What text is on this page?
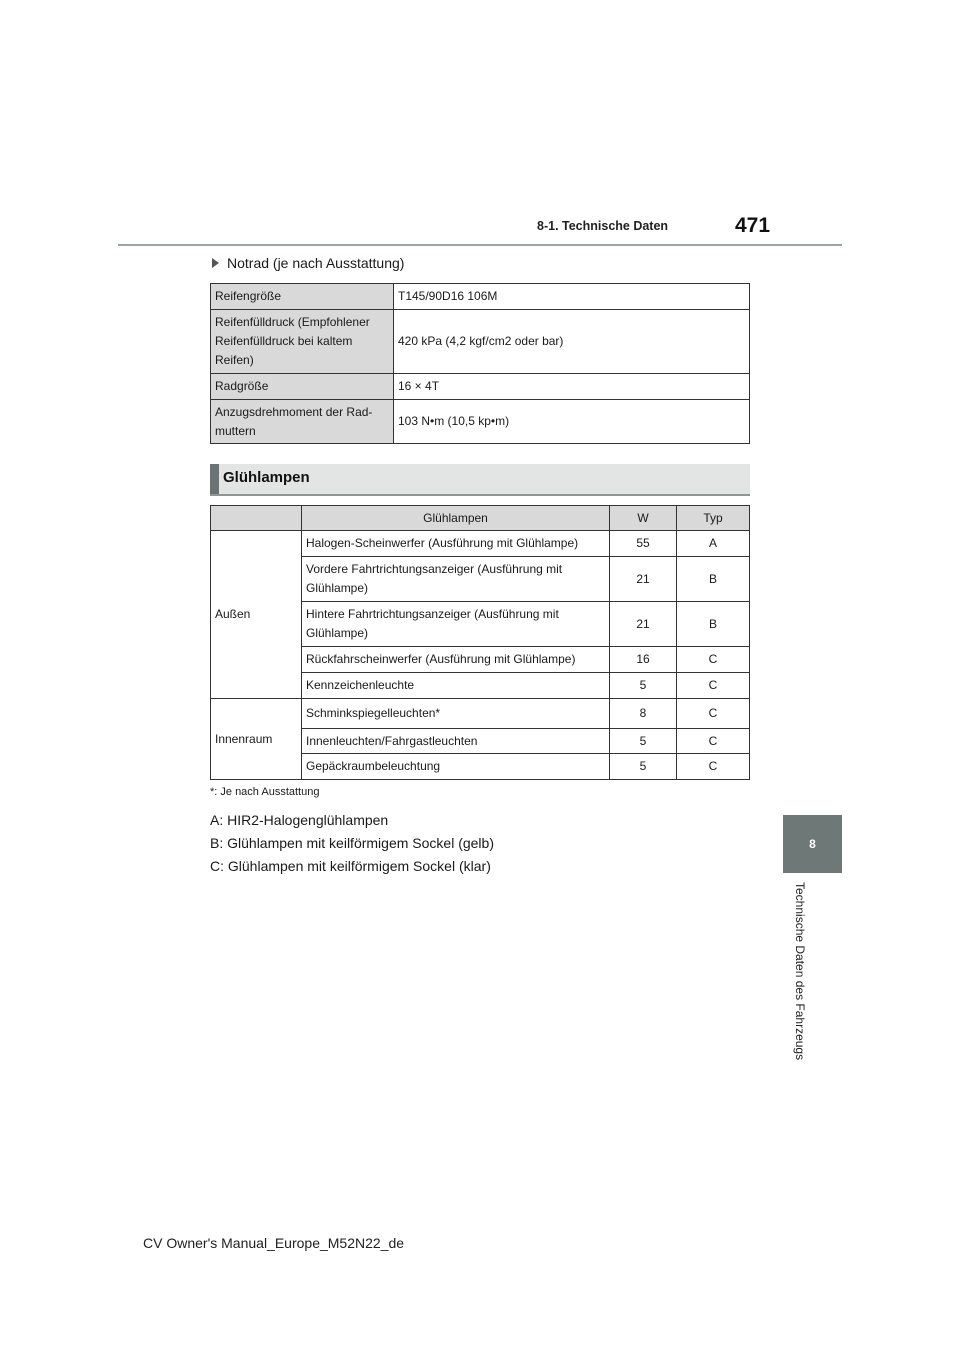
8-1. Technische Daten	471
8
Technische Daten des Fahrzeugs
Notrad (je nach Ausstattung)
Reifengröße	T145/90D16 106M
Reifenfülldruck (Empfohlener Reifenfülldruck bei kaltem Reifen)	420 kPa (4,2 kgf/cm2 oder bar)
Radgröße	16 × 4T
Anzugsdrehmoment der Rad-muttern	103 N•m (10,5 kp•m)
Glühlampen
	Glühlampen	W	Typ
Außen	Halogen-Scheinwerfer (Ausführung mit Glühlampe)	55	A
	Vordere Fahrtrichtungsanzeiger (Ausführung mit Glühlampe)	21	B
	Hintere Fahrtrichtungsanzeiger (Ausführung mit Glühlampe)	21	B
	Rückfahrscheinwerfer (Ausführung mit Glühlampe)	16	C
	Kennzeichenleuchte	5	C
Innenraum	Schminkspiegelleuchten*	8	C
	Innenleuchten/Fahrgastleuchten	5	C
	Gepäckraumbeleuchtung	5	C
*: Je nach Ausstattung
A: HIR2-Halogenglühlampen
B: Glühlampen mit keilförmigem Sockel (gelb)
C: Glühlampen mit keilförmigem Sockel (klar)
CV Owner's Manual_Europe_M52N22_de
